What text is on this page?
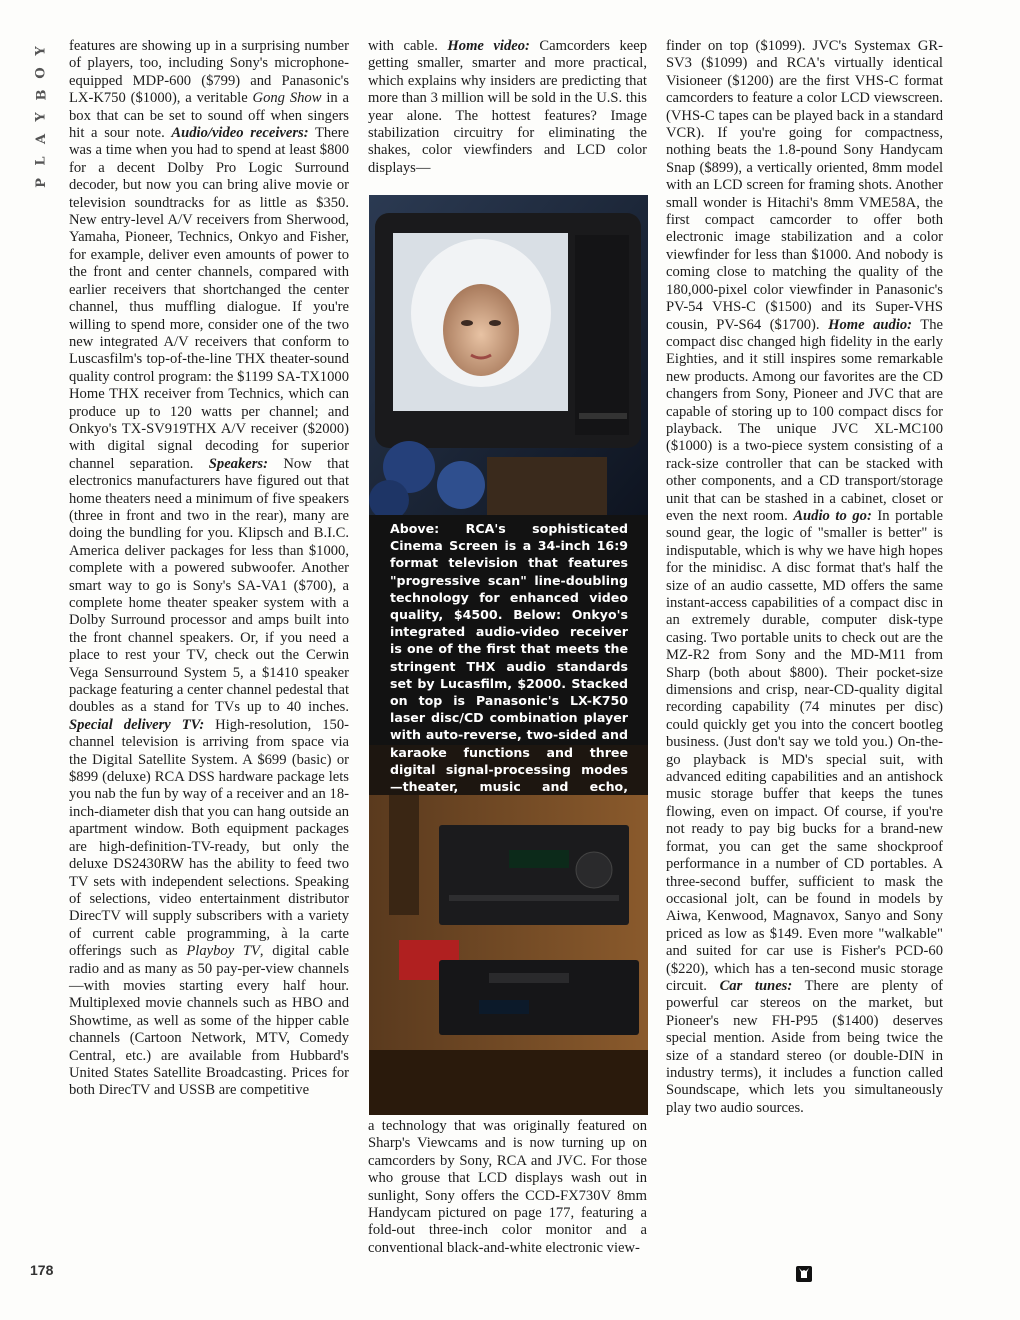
Y
O
B
Y
A
L
P

features are showing up in a surprising number of players, too, including Sony's microphone-equipped MDP-600 ($799) and Panasonic's LX-K750 ($1000), a veritable Gong Show in a box that can be set to sound off when singers hit a sour note. Audio/video receivers: There was a time when you had to spend at least $800 for a decent Dolby Pro Logic Surround decoder, but now you can bring alive movie or television soundtracks for as little as $350. New entry-level A/V receivers from Sherwood, Yamaha, Pioneer, Technics, Onkyo and Fisher, for example, deliver even amounts of power to the front and center channels, compared with earlier receivers that shortchanged the center channel, thus muffling dialogue. If you're willing to spend more, consider one of the two new integrated A/V receivers that conform to Luscasfilm's top-of-the-line THX theater-sound quality control program: the $1199 SA-TX1000 Home THX receiver from Technics, which can produce up to 120 watts per channel; and Onkyo's TX-SV919THX A/V receiver ($2000) with digital signal decoding for superior channel separation. Speakers: Now that electronics manufacturers have figured out that home theaters need a minimum of five speakers (three in front and two in the rear), many are doing the bundling for you. Klipsch and B.I.C. America deliver packages for less than $1000, complete with a powered subwoofer. Another smart way to go is Sony's SA-VA1 ($700), a complete home theater speaker system with a Dolby Surround processor and amps built into the front channel speakers. Or, if you need a place to rest your TV, check out the Cerwin Vega Sensurround System 5, a $1410 speaker package featuring a center channel pedestal that doubles as a stand for TVs up to 40 inches. Special delivery TV: High-resolution, 150-channel television is arriving from space via the Digital Satellite System. A $699 (basic) or $899 (deluxe) RCA DSS hardware package lets you nab the fun by way of a receiver and an 18-inch-diameter dish that you can hang outside an apartment window. Both equipment packages are high-definition-TV-ready, but only the deluxe DS2430RW has the ability to feed two TV sets with independent selections. Speaking of selections, video entertainment distributor DirecTV will supply subscribers with a variety of current cable programming, à la carte offerings such as Playboy TV, digital cable radio and as many as 50 pay-per-view channels—with movies starting every half hour. Multiplexed movie channels such as HBO and Showtime, as well as some of the hipper cable channels (Cartoon Network, MTV, Comedy Central, etc.) are available from Hubbard's United States Satellite Broadcasting. Prices for both DirecTV and USSB are competitive

with cable. Home video: Camcorders keep getting smaller, smarter and more practical, which explains why insiders are predicting that more than 3 million will be sold in the U.S. this year alone. The hottest features? Image stabilization circuitry for eliminating the shakes, color viewfinders and LCD color displays—

Above: RCA's sophisticated Cinema Screen is a 34-inch 16:9 format television that features "progressive scan" line-doubling technology for enhanced video quality, $4500. Below: Onkyo's integrated audio-video receiver is one of the first that meets the stringent THX audio standards set by Lucasfilm, $2000. Stacked on top is Panasonic's LX-K750 laser disc/CD combination player with auto-reverse, two-sided and karaoke functions and three digital signal-processing modes—theater, music and echo,

a technology that was originally featured on Sharp's Viewcams and is now turning up on camcorders by Sony, RCA and JVC. For those who grouse that LCD displays wash out in sunlight, Sony offers the CCD-FX730V 8mm Handycam pictured on page 177, featuring a fold-out three-inch color monitor and a conventional black-and-white electronic view-

finder on top ($1099). JVC's Systemax GR-SV3 ($1099) and RCA's virtually identical Visioneer ($1200) are the first VHS-C format camcorders to feature a color LCD viewscreen. (VHS-C tapes can be played back in a standard VCR). If you're going for compactness, nothing beats the 1.8-pound Sony Handycam Snap ($899), a vertically oriented, 8mm model with an LCD screen for framing shots. Another small wonder is Hitachi's 8mm VME58A, the first compact camcorder to offer both electronic image stabilization and a color viewfinder for less than $1000. And nobody is coming close to matching the quality of the 180,000-pixel color viewfinder in Panasonic's PV-54 VHS-C ($1500) and its Super-VHS cousin, PV-S64 ($1700). Home audio: The compact disc changed high fidelity in the early Eighties, and it still inspires some remarkable new products. Among our favorites are the CD changers from Sony, Pioneer and JVC that are capable of storing up to 100 compact discs for playback. The unique JVC XL-MC100 ($1000) is a two-piece system consisting of a rack-size controller that can be stacked with other components, and a CD transport/storage unit that can be stashed in a cabinet, closet or even the next room. Audio to go: In portable sound gear, the logic of "smaller is better" is indisputable, which is why we have high hopes for the minidisc. A disc format that's half the size of an audio cassette, MD offers the same instant-access capabilities of a compact disc in an extremely durable, computer disk-type casing. Two portable units to check out are the MZ-R2 from Sony and the MD-M11 from Sharp (both about $800). Their pocket-size dimensions and crisp, near-CD-quality digital recording capability (74 minutes per disc) could quickly get you into the concert bootleg business. (Just don't say we told you.) On-the-go playback is MD's special suit, with advanced editing capabilities and an antishock music storage buffer that keeps the tunes flowing, even on impact. Of course, if you're not ready to pay big bucks for a brand-new format, you can get the same shockproof performance in a number of CD portables. A three-second buffer, sufficient to mask the occasional jolt, can be found in models by Aiwa, Kenwood, Magnavox, Sanyo and Sony priced as low as $149. Even more "walkable" and suited for car use is Fisher's PCD-60 ($220), which has a ten-second music storage circuit. Car tunes: There are plenty of powerful car stereos on the market, but Pioneer's new FH-P95 ($1400) deserves special mention. Aside from being twice the size of a standard stereo (or double-DIN in industry terms), it includes a function called Soundscape, which lets you simultaneously play two audio sources.

178
